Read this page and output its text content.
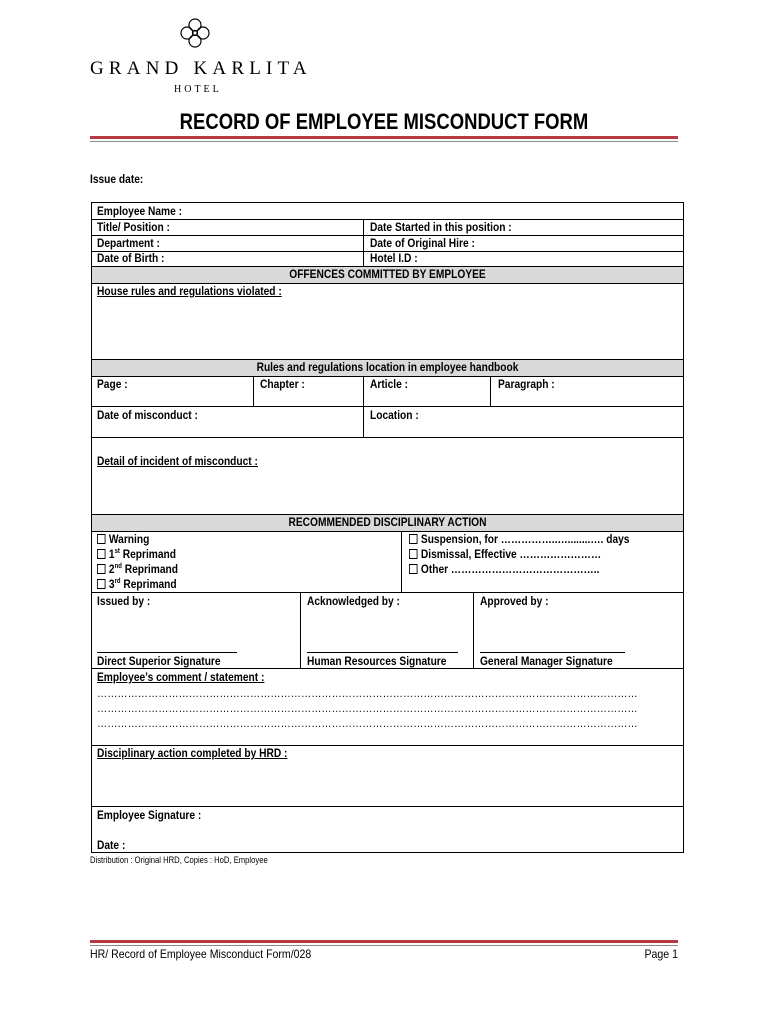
GRAND KARLITA
HOTEL
RECORD OF EMPLOYEE MISCONDUCT FORM
Issue date:
Employee Name :
Title/ Position :	Date Started in this position :
Department :	Date of Original Hire :
Date of Birth :	Hotel I.D :
OFFENCES COMMITTED BY EMPLOYEE
House rules and regulations violated :
Rules and regulations location in employee handbook
Page :	Chapter :	Article :	Paragraph :
Date of misconduct :	Location :
Detail of incident of misconduct :
RECOMMENDED DISCIPLINARY ACTION
Warning
1st Reprimand
2nd Reprimand
3rd Reprimand
Suspension, for ……………..…........…. days
Dismissal, Effective ……………………
Other ……………………………………..
Issued by :	Acknowledged by :	Approved by :
Direct Superior Signature	Human Resources Signature	General Manager Signature
Employee’s comment / statement :
……………………………………………………………………………………………………………………………………………
……………………………………………………………………………………………………………………………………………
……………………………………………………………………………………………………………………………………………
Disciplinary action completed by HRD :
Employee Signature :
Date :
Distribution : Original HRD, Copies : HoD, Employee
HR/ Record of Employee Misconduct Form/028	Page 1
